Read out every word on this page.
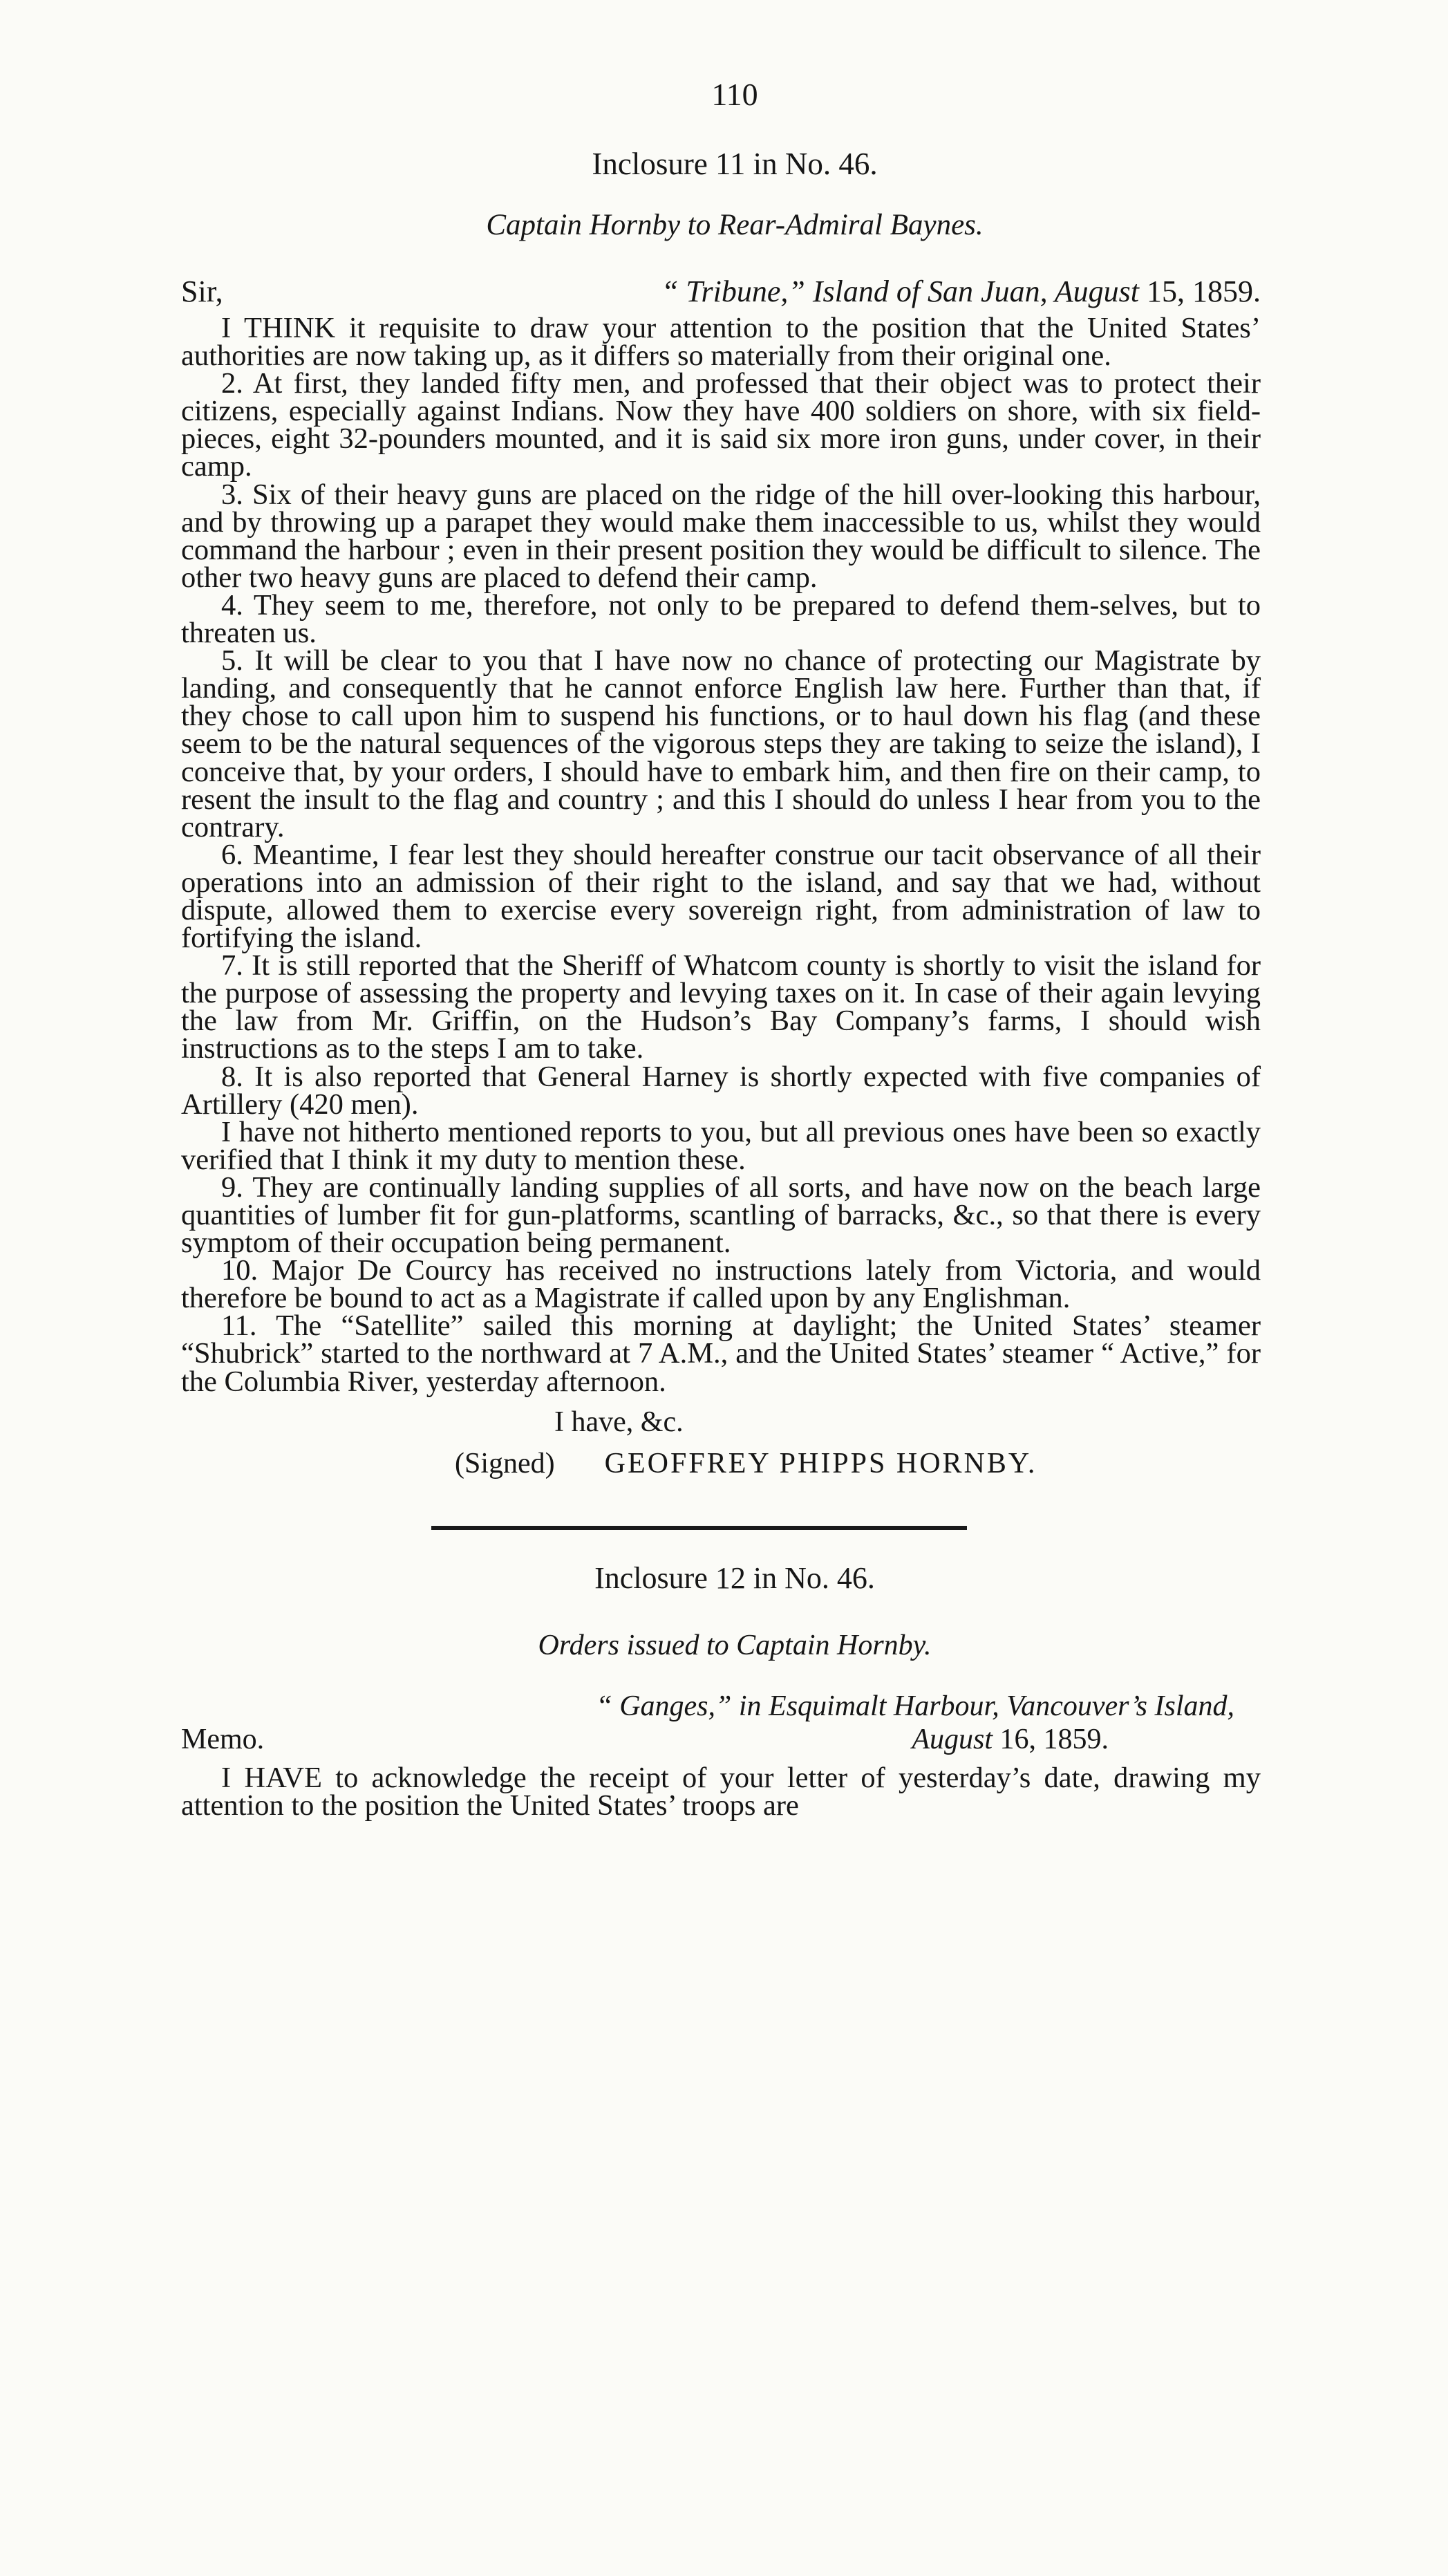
110
Inclosure 11 in No. 46.
Captain Hornby to Rear-Admiral Baynes.
Sir,	“ Tribune,” Island of San Juan, August 15, 1859.

I THINK it requisite to draw your attention to the position that the United States’ authorities are now taking up, as it differs so materially from their original one.

2. At first, they landed fifty men, and professed that their object was to protect their citizens, especially against Indians. Now they have 400 soldiers on shore, with six field-pieces, eight 32-pounders mounted, and it is said six more iron guns, under cover, in their camp.

3. Six of their heavy guns are placed on the ridge of the hill over-looking this harbour, and by throwing up a parapet they would make them inaccessible to us, whilst they would command the harbour ; even in their present position they would be difficult to silence. The other two heavy guns are placed to defend their camp.

4. They seem to me, therefore, not only to be prepared to defend them-selves, but to threaten us.

5. It will be clear to you that I have now no chance of protecting our Magistrate by landing, and consequently that he cannot enforce English law here. Further than that, if they chose to call upon him to suspend his functions, or to haul down his flag (and these seem to be the natural sequences of the vigorous steps they are taking to seize the island), I conceive that, by your orders, I should have to embark him, and then fire on their camp, to resent the insult to the flag and country ; and this I should do unless I hear from you to the contrary.

6. Meantime, I fear lest they should hereafter construe our tacit observance of all their operations into an admission of their right to the island, and say that we had, without dispute, allowed them to exercise every sovereign right, from administration of law to fortifying the island.

7. It is still reported that the Sheriff of Whatcom county is shortly to visit the island for the purpose of assessing the property and levying taxes on it. In case of their again levying the law from Mr. Griffin, on the Hudson’s Bay Company’s farms, I should wish instructions as to the steps I am to take.

8. It is also reported that General Harney is shortly expected with five companies of Artillery (420 men).

I have not hitherto mentioned reports to you, but all previous ones have been so exactly verified that I think it my duty to mention these.

9. They are continually landing supplies of all sorts, and have now on the beach large quantities of lumber fit for gun-platforms, scantling of barracks, &c., so that there is every symptom of their occupation being permanent.

10. Major De Courcy has received no instructions lately from Victoria, and would therefore be bound to act as a Magistrate if called upon by any Englishman.

11. The “Satellite” sailed this morning at daylight; the United States’ steamer “Shubrick” started to the northward at 7 A.M., and the United States’ steamer “ Active,” for the Columbia River, yesterday afternoon.

I have, &c.
(Signed) GEOFFREY PHIPPS HORNBY.
Inclosure 12 in No. 46.
Orders issued to Captain Hornby.
“ Ganges,” in Esquimalt Harbour, Vancouver’s Island,
Memo.	August 16, 1859.

I HAVE to acknowledge the receipt of your letter of yesterday’s date, drawing my attention to the position the United States’ troops are
